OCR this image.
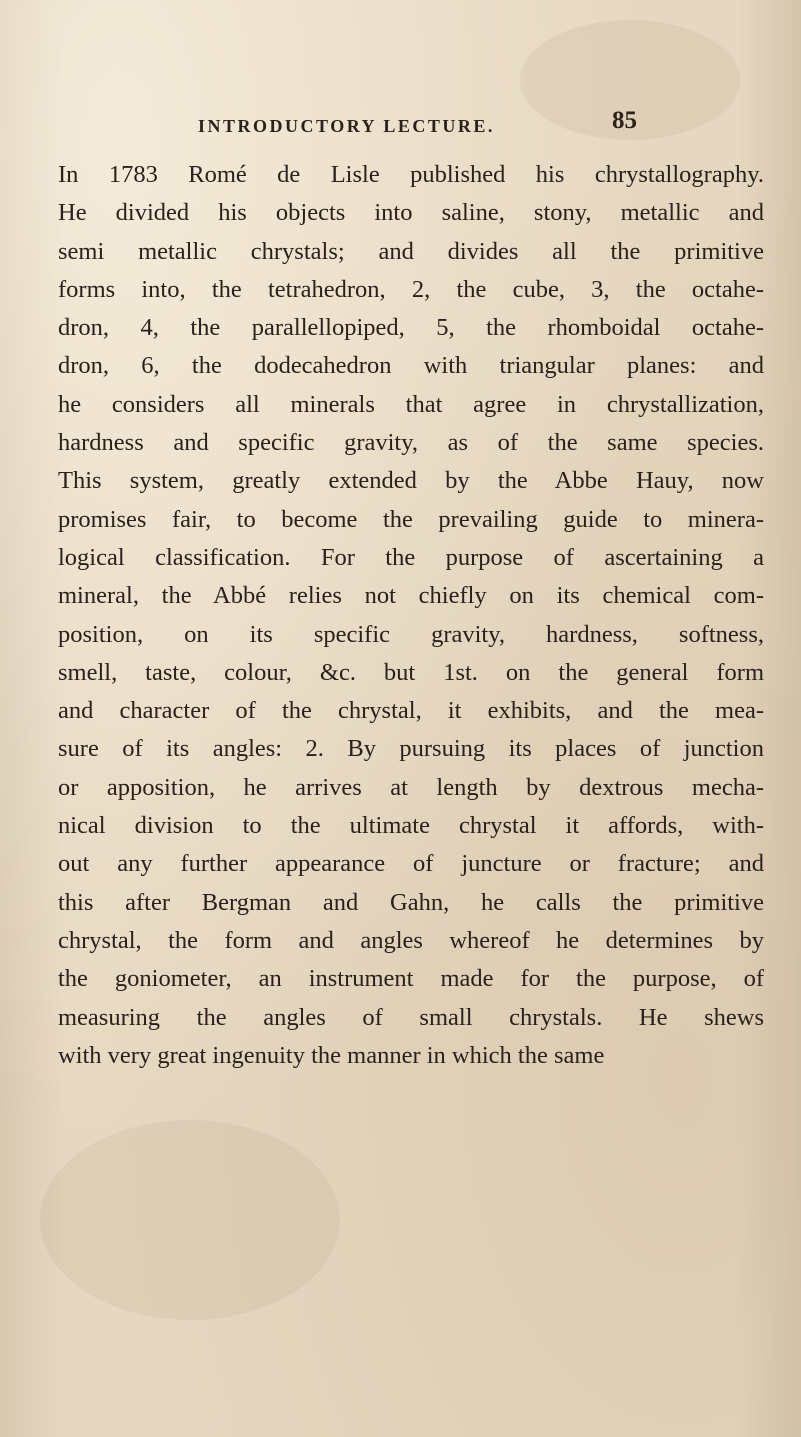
INTRODUCTORY LECTURE.	85
In 1783 Romé de Lisle published his chrystallography.
He divided his objects into saline, stony, metallic and
semi metallic chrystals; and divides all the primitive
forms into, the tetrahedron, 2, the cube, 3, the octahe-
dron, 4, the parallellopiped, 5, the rhomboidal octahe-
dron, 6, the dodecahedron with triangular planes: and
he considers all minerals that agree in chrystallization,
hardness and specific gravity, as of the same species.
This system, greatly extended by the Abbe Hauy, now
promises fair, to become the prevailing guide to minera-
logical classification. For the purpose of ascertaining a
mineral, the Abbé relies not chiefly on its chemical com-
position, on its specific gravity, hardness, softness,
smell, taste, colour, &c. but 1st. on the general form
and character of the chrystal, it exhibits, and the mea-
sure of its angles: 2. By pursuing its places of junction
or apposition, he arrives at length by dextrous mecha-
nical division to the ultimate chrystal it affords, with-
out any further appearance of juncture or fracture; and
this after Bergman and Gahn, he calls the primitive
chrystal, the form and angles whereof he determines by
the goniometer, an instrument made for the purpose, of
measuring the angles of small chrystals. He shews
with very great ingenuity the manner in which the same
